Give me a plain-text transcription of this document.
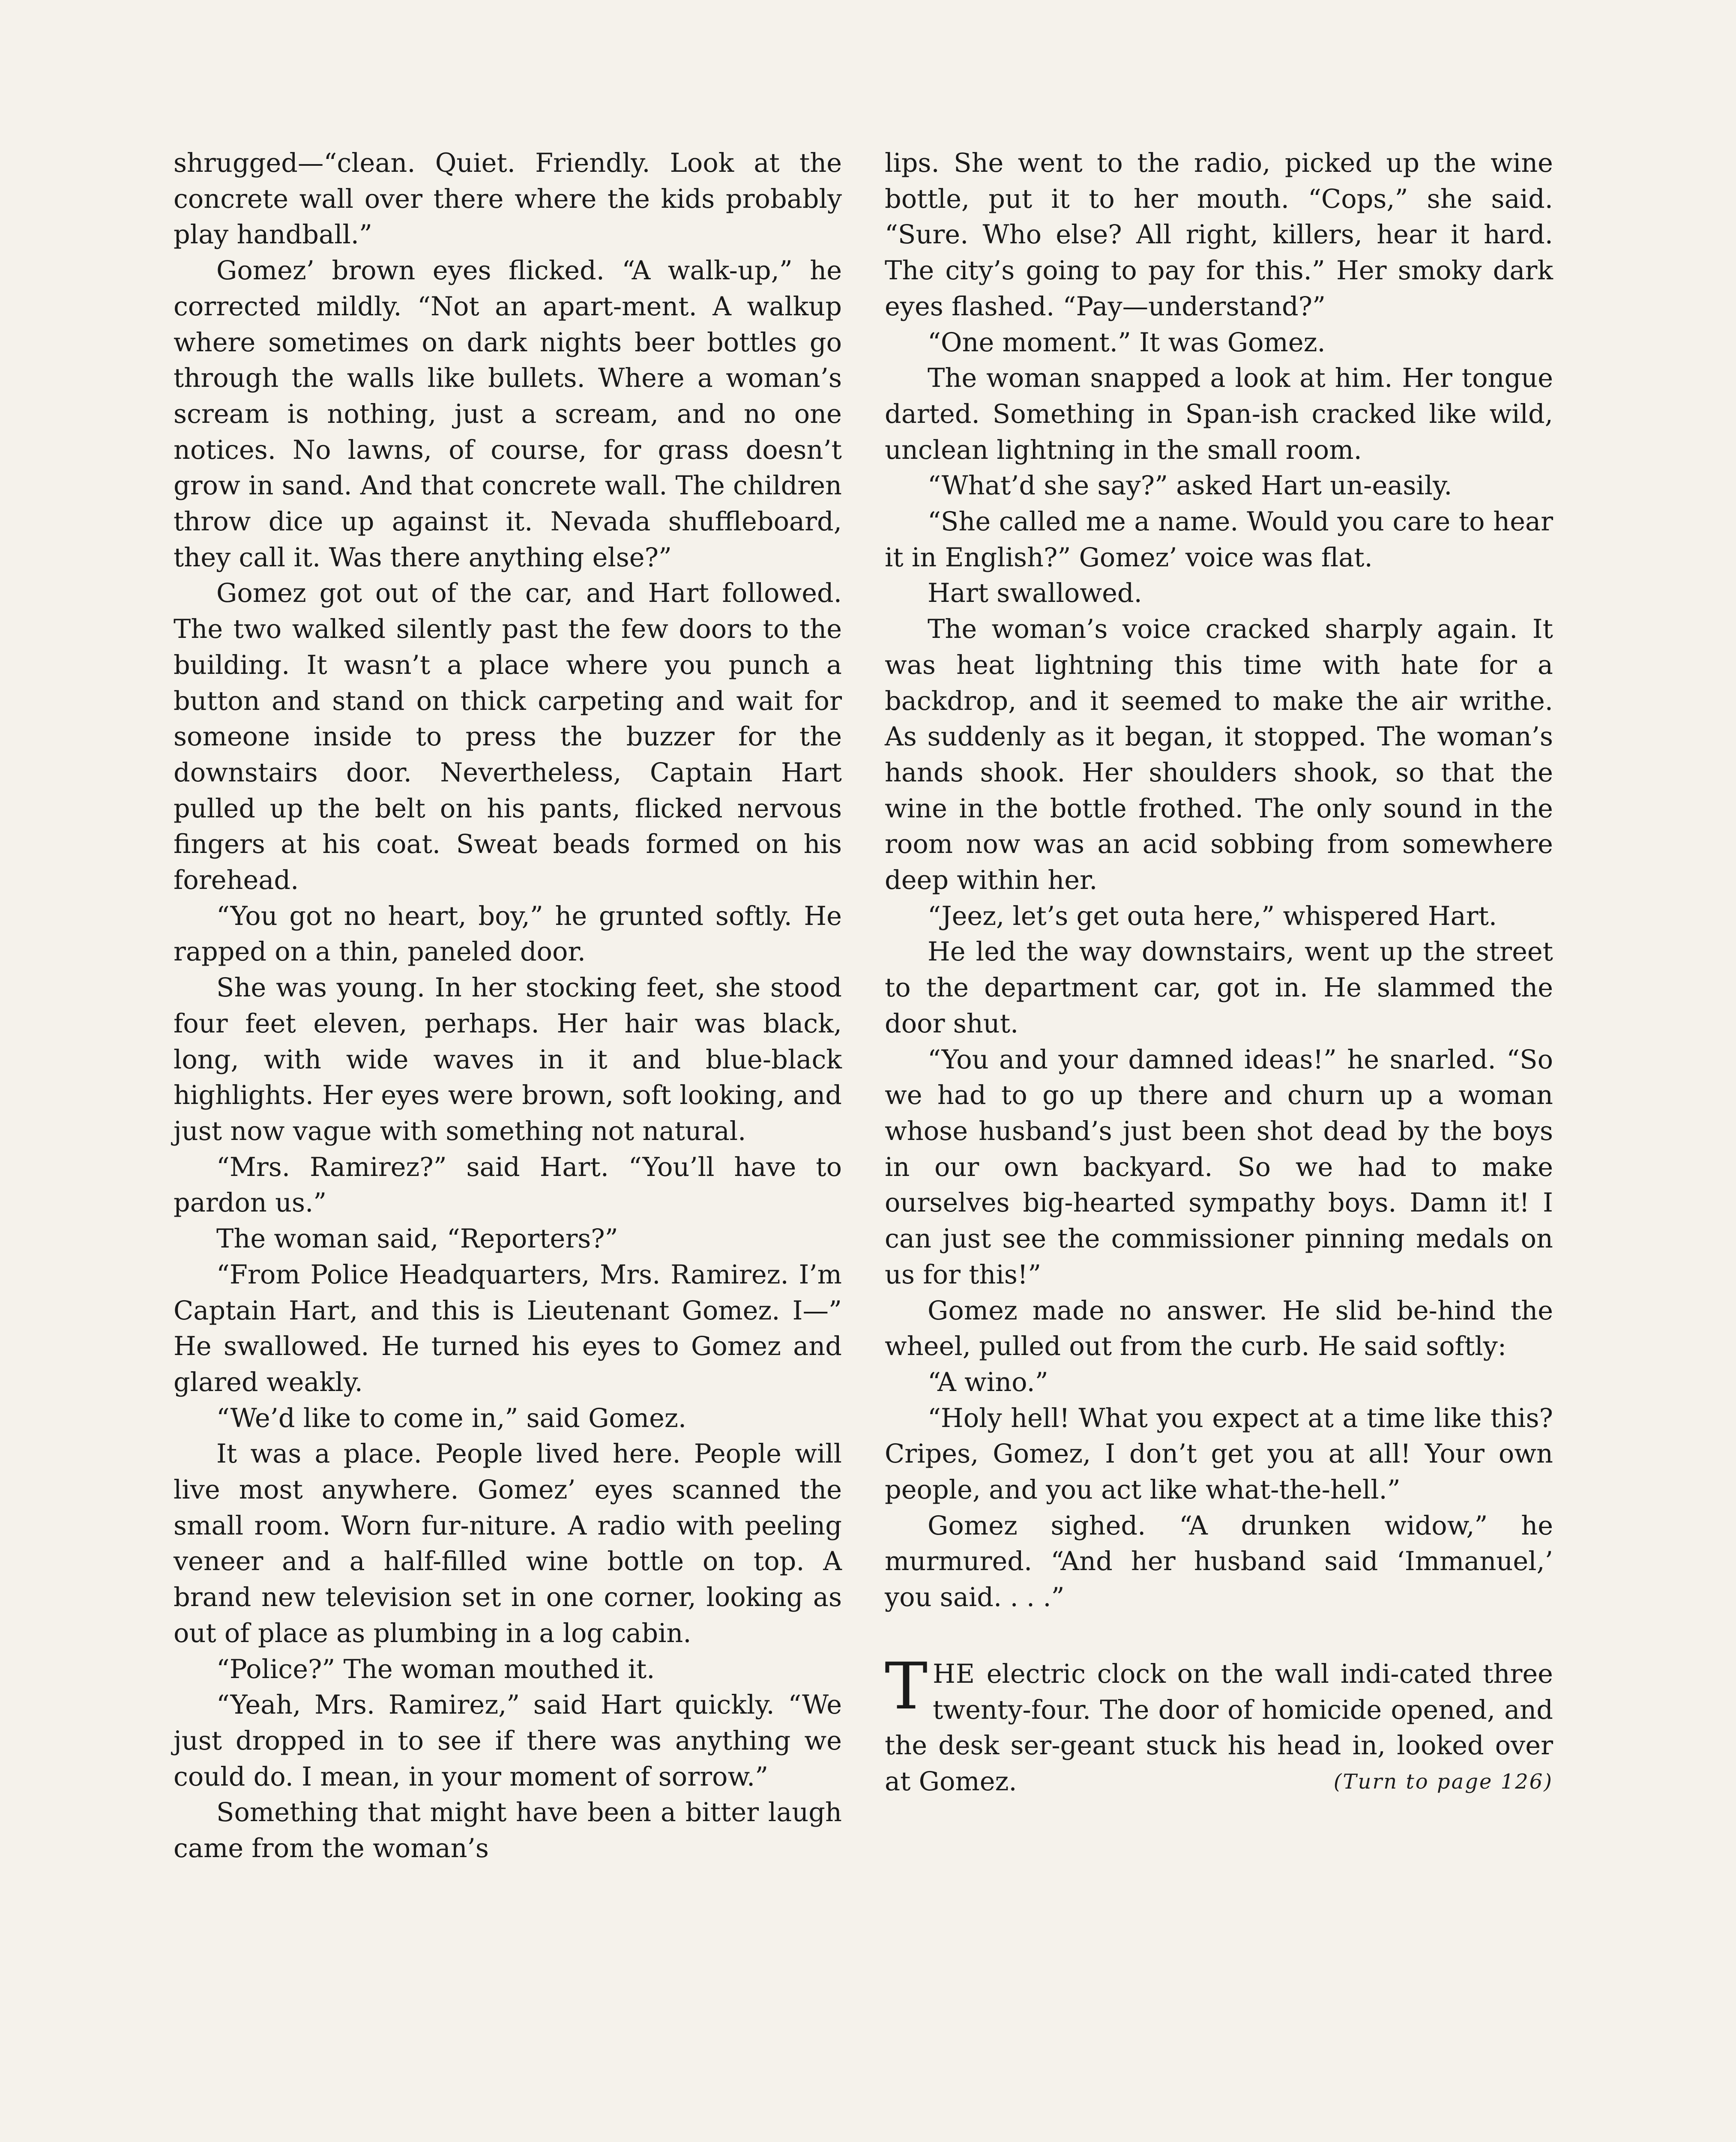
shrugged—“clean. Quiet. Friendly. Look at the concrete wall over there where the kids probably play handball.”

Gomez’ brown eyes flicked. “A walk-up,” he corrected mildly. “Not an apart-ment. A walkup where sometimes on dark nights beer bottles go through the walls like bullets. Where a woman’s scream is nothing, just a scream, and no one notices. No lawns, of course, for grass doesn’t grow in sand. And that concrete wall. The children throw dice up against it. Nevada shuffleboard, they call it. Was there anything else?”

Gomez got out of the car, and Hart followed. The two walked silently past the few doors to the building. It wasn’t a place where you punch a button and stand on thick carpeting and wait for someone inside to press the buzzer for the downstairs door. Nevertheless, Captain Hart pulled up the belt on his pants, flicked nervous fingers at his coat. Sweat beads formed on his forehead.

“You got no heart, boy,” he grunted softly. He rapped on a thin, paneled door.

She was young. In her stocking feet, she stood four feet eleven, perhaps. Her hair was black, long, with wide waves in it and blue-black highlights. Her eyes were brown, soft looking, and just now vague with something not natural.

“Mrs. Ramirez?” said Hart. “You’ll have to pardon us.”

The woman said, “Reporters?”

“From Police Headquarters, Mrs. Ramirez. I’m Captain Hart, and this is Lieutenant Gomez. I—” He swallowed. He turned his eyes to Gomez and glared weakly.

“We’d like to come in,” said Gomez.

It was a place. People lived here. People will live most anywhere. Gomez’ eyes scanned the small room. Worn fur-niture. A radio with peeling veneer and a half-filled wine bottle on top. A brand new television set in one corner, looking as out of place as plumbing in a log cabin.

“Police?” The woman mouthed it.

“Yeah, Mrs. Ramirez,” said Hart quickly. “We just dropped in to see if there was anything we could do. I mean, in your moment of sorrow.”

Something that might have been a bitter laugh came from the woman’s

lips. She went to the radio, picked up the wine bottle, put it to her mouth. “Cops,” she said. “Sure. Who else? All right, killers, hear it hard. The city’s going to pay for this.” Her smoky dark eyes flashed. “Pay—understand?”

“One moment.” It was Gomez.

The woman snapped a look at him. Her tongue darted. Something in Span-ish cracked like wild, unclean lightning in the small room.

“What’d she say?” asked Hart un-easily.

“She called me a name. Would you care to hear it in English?” Gomez’ voice was flat.

Hart swallowed.

The woman’s voice cracked sharply again. It was heat lightning this time with hate for a backdrop, and it seemed to make the air writhe. As suddenly as it began, it stopped. The woman’s hands shook. Her shoulders shook, so that the wine in the bottle frothed. The only sound in the room now was an acid sobbing from somewhere deep within her.

“Jeez, let’s get outa here,” whispered Hart.

He led the way downstairs, went up the street to the department car, got in. He slammed the door shut.

“You and your damned ideas!” he snarled. “So we had to go up there and churn up a woman whose husband’s just been shot dead by the boys in our own backyard. So we had to make ourselves big-hearted sympathy boys. Damn it! I can just see the commissioner pinning medals on us for this!”

Gomez made no answer. He slid be-hind the wheel, pulled out from the curb. He said softly:

“A wino.”

“Holy hell! What you expect at a time like this? Cripes, Gomez, I don’t get you at all! Your own people, and you act like what-the-hell.”

Gomez sighed. “A drunken widow,” he murmured. “And her husband said ‘Immanuel,’ you said. . . .”

THE electric clock on the wall indi-cated three twenty-four. The door of homicide opened, and the desk ser-geant stuck his head in, looked over at Gomez.	(Turn to page 126)
